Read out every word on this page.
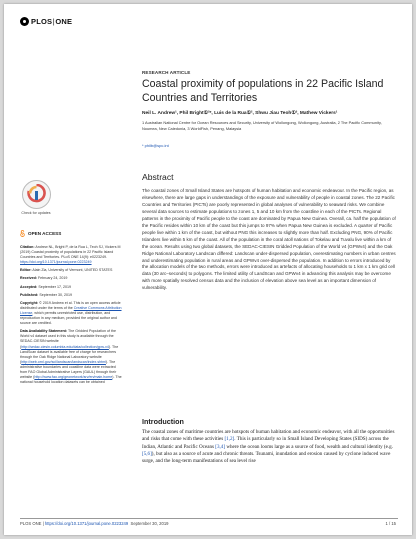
PLOS|ONE
RESEARCH ARTICLE
Coastal proximity of populations in 22 Pacific Island Countries and Territories
Neil L. Andrew¹, Phil Bright①²*, Luis de la Rua①², Shwu Jiau Teoh①³, Mathew Vickers¹
1 Australian National Centre for Ocean Resources and Security, University of Wollongong, Wollongong, Australia, 2 The Pacific Community, Noumea, New Caledonia, 3 WorldFish, Penang, Malaysia
* philb@spc.int
Check for updates
OPEN ACCESS

Citation: Andrew NL, Bright P, de la Rua L, Teoh SJ, Vickers M (2019) Coastal proximity of populations in 22 Pacific Island Countries and Territories. PLoS ONE 14(9): e0223249. https://doi.org/10.1371/journal.pone.0223249

Editor: Alain Zia, University of Vermont, UNITED STATES

Received: February 24, 2019

Accepted: September 17, 2019

Published: September 30, 2019

Copyright: © 2019 Andrew et al. This is an open access article distributed under the terms of the Creative Commons Attribution License, which permits unrestricted use, distribution, and reproduction in any medium, provided the original author and source are credited.

Data Availability Statement: The Gridded Population of the World v4 dataset used in this study is available through the SEDAC-CIESIN website (http://sedac.ciesin.columbia.edu/data/collection/gpw-v4). The LandScan dataset is available free of charge for researchers through the Oak Ridge National Laboratory website (http://web.ornl.gov/sci/landscan/landscan/index.shtml). The administrative boundaries and coastline data were extracted from FAO Global Administrative Layers (GAUL) through their website (http://www.fao.org/geonetwork/srv/en/main.home). The national household location datasets can be obtained

Abstract

The coastal zones of Small Island States are hotspots of human habitation and economic endeavour. In the Pacific region, as elsewhere, there are large gaps in understandings of the exposure and vulnerability of people in coastal zones. The 22 Pacific Countries and Territories (PICTs) are poorly represented in global analyses of vulnerability to seaward risks. We combine several data sources to estimate populations to zones 1, 5 and 10 km from the coastline in each of the PICTs. Regional patterns in the proximity of Pacific people to the coast are dominated by Papua New Guinea. Overall, ca. half the population of the Pacific resides within 10 km of the coast but this jumps to 97% when Papua New Guinea is excluded. A quarter of Pacific people live within 1 km of the coast, but without PNG this increases to slightly more than half. Excluding PNG, 90% of Pacific Islanders live within 5 km of the coast. All of the population in the coral atoll nations of Tokelau and Tuvalu live within a km of the ocean. Results using two global datasets, the SEDAC-CIESIN Gridded Population of the World v4 (GPWv4) and the Oak Ridge National Laboratory Landscan differed: Landscan under-dispersed population, overestimating numbers in urban centres and underestimating population in rural areas and GPWv4 over-dispersed the population. In addition to errors introduced by the allocation models of the two methods, errors were introduced as artefacts of allocating households to 1 km x 1 km grid cell data (30 arc–seconds) to polygons. The limited utility of LandScan and GPWv4 in advancing this analysis may be overcome with more spatially resolved census data and the inclusion of elevation above sea level as an important dimension of vulnerability.

Introduction

The coastal zones of maritime countries are hotspots of human habitation and economic endeavor, with all the opportunities and risks that come with these activities [1,2]. This is particularly so in Small Island Developing States (SIDS) across the Indian, Atlantic and Pacific Oceans [3,4] where the ocean looms large as a source of food, wealth and cultural identity (e.g. [5,6]), but also as a source of acute and chronic threats. Tsunami, inundation and erosion caused by cyclone induced wave surge, and the long-term manifestations of sea level rise

PLOS ONE | https://doi.org/10.1371/journal.pone.0223249 September 30, 2019	1 / 15
